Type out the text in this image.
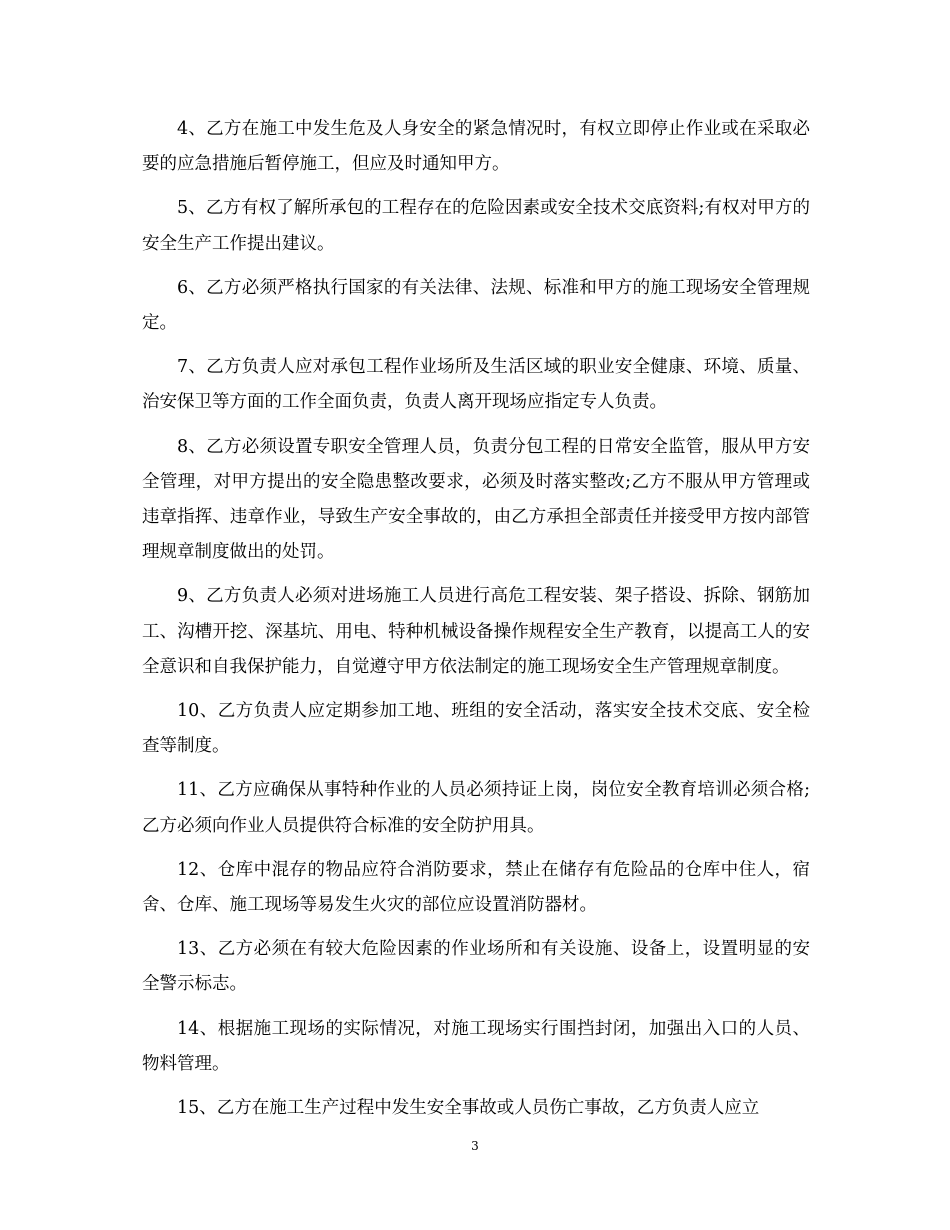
4、乙方在施工中发生危及人身安全的紧急情况时，有权立即停止作业或在采取必要的应急措施后暂停施工，但应及时通知甲方。

5、乙方有权了解所承包的工程存在的危险因素或安全技术交底资料;有权对甲方的安全生产工作提出建议。

6、乙方必须严格执行国家的有关法律、法规、标准和甲方的施工现场安全管理规定。

7、乙方负责人应对承包工程作业场所及生活区域的职业安全健康、环境、质量、治安保卫等方面的工作全面负责，负责人离开现场应指定专人负责。

8、乙方必须设置专职安全管理人员，负责分包工程的日常安全监管，服从甲方安全管理，对甲方提出的安全隐患整改要求，必须及时落实整改;乙方不服从甲方管理或违章指挥、违章作业，导致生产安全事故的，由乙方承担全部责任并接受甲方按内部管理规章制度做出的处罚。

9、乙方负责人必须对进场施工人员进行高危工程安装、架子搭设、拆除、钢筋加工、沟槽开挖、深基坑、用电、特种机械设备操作规程安全生产教育，以提高工人的安全意识和自我保护能力，自觉遵守甲方依法制定的施工现场安全生产管理规章制度。

10、乙方负责人应定期参加工地、班组的安全活动，落实安全技术交底、安全检查等制度。

11、乙方应确保从事特种作业的人员必须持证上岗，岗位安全教育培训必须合格;乙方必须向作业人员提供符合标准的安全防护用具。

12、仓库中混存的物品应符合消防要求，禁止在储存有危险品的仓库中住人，宿舍、仓库、施工现场等易发生火灾的部位应设置消防器材。

13、乙方必须在有较大危险因素的作业场所和有关设施、设备上，设置明显的安全警示标志。

14、根据施工现场的实际情况，对施工现场实行围挡封闭，加强出入口的人员、物料管理。

15、乙方在施工生产过程中发生安全事故或人员伤亡事故，乙方负责人应立

3
